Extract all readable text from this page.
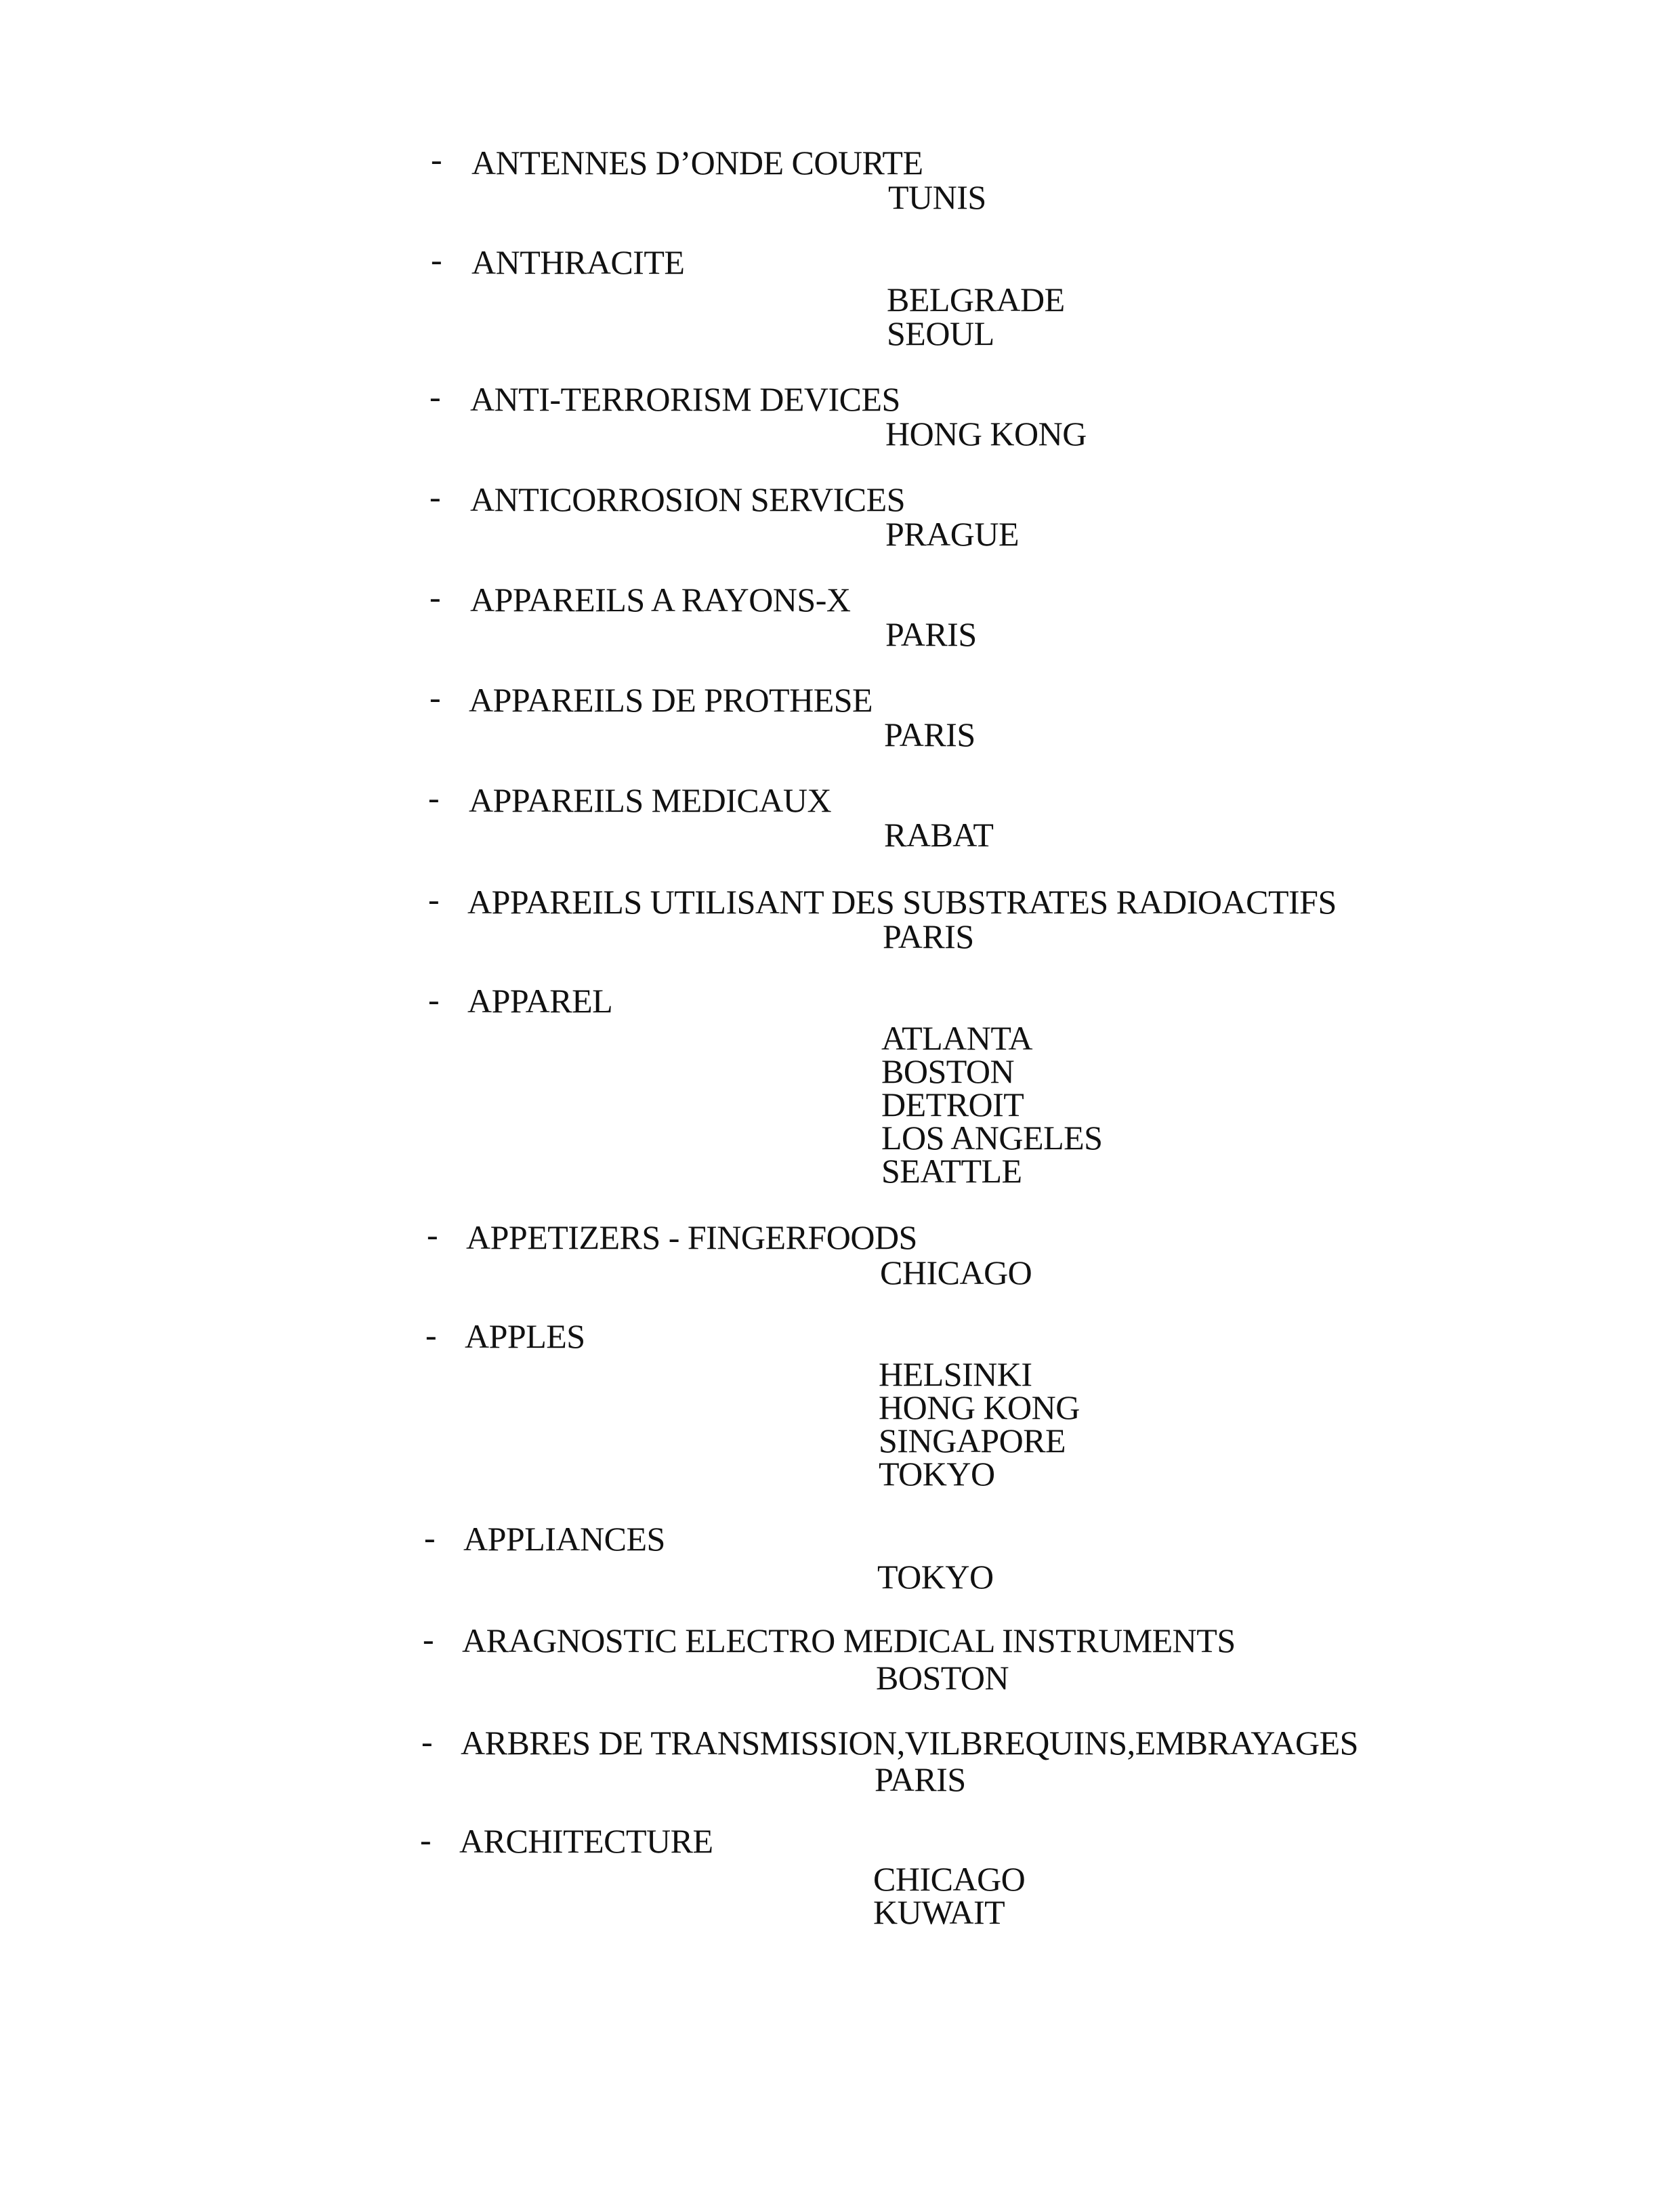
- ANTENNES D’ONDE COURTE
TUNIS
- ANTHRACITE
BELGRADE
SEOUL
- ANTI-TERRORISM DEVICES
HONG KONG
- ANTICORROSION SERVICES
PRAGUE
- APPAREILS A RAYONS-X
PARIS
- APPAREILS DE PROTHESE
PARIS
- APPAREILS MEDICAUX
RABAT
- APPAREILS UTILISANT DES SUBSTRATES RADIOACTIFS
PARIS
- APPAREL
ATLANTA
BOSTON
DETROIT
LOS ANGELES
SEATTLE
- APPETIZERS - FINGERFOODS
CHICAGO
- APPLES
HELSINKI
HONG KONG
SINGAPORE
TOKYO
- APPLIANCES
TOKYO
- ARAGNOSTIC ELECTRO MEDICAL INSTRUMENTS
BOSTON
- ARBRES DE TRANSMISSION,VILBREQUINS,EMBRAYAGES
PARIS
- ARCHITECTURE
CHICAGO
KUWAIT
